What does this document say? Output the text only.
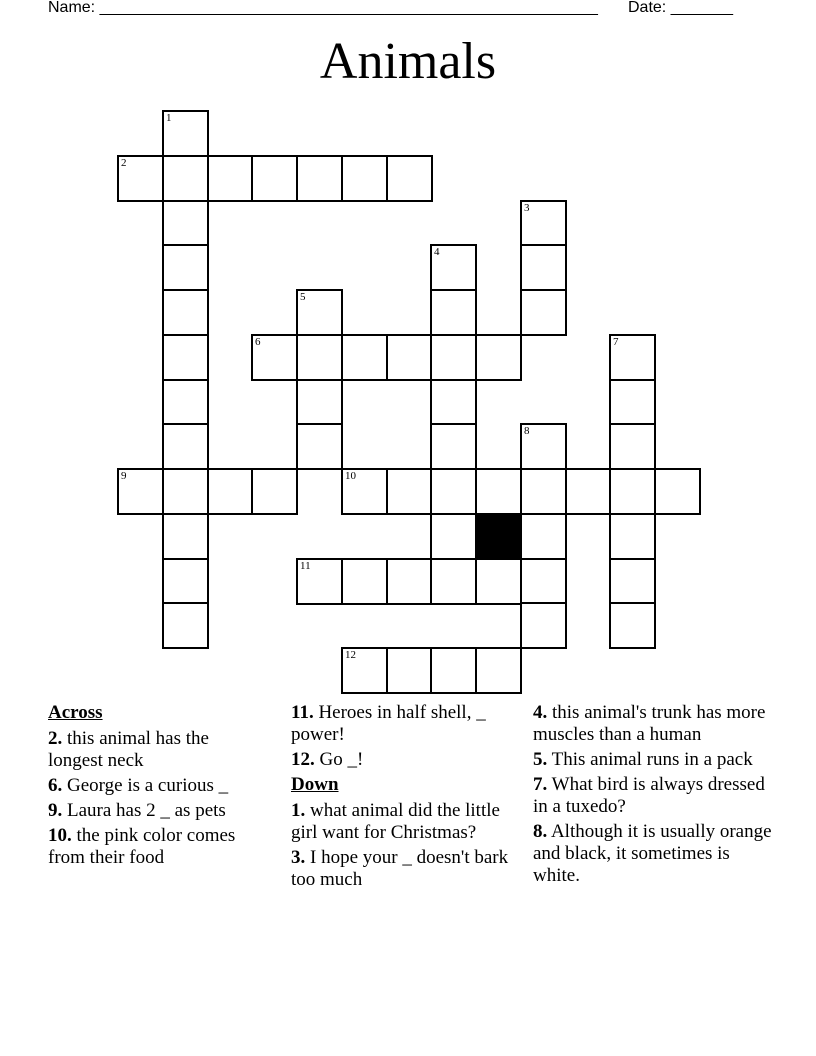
Name: ________________________________________________________ Date: _______
Animals
1
2
3
4
5
6	7
8
9	10
11
12
Across
2. this animal has the longest neck
6. George is a curious _
9. Laura has 2 _ as pets
10. the pink color comes from their food
11. Heroes in half shell, _ power!
12. Go _!
Down
1. what animal did the little girl want for Christmas?
3. I hope your _ doesn't bark too much
4. this animal's trunk has more muscles than a human
5. This animal runs in a pack
7. What bird is always dressed in a tuxedo?
8. Although it is usually orange and black, it sometimes is white.
